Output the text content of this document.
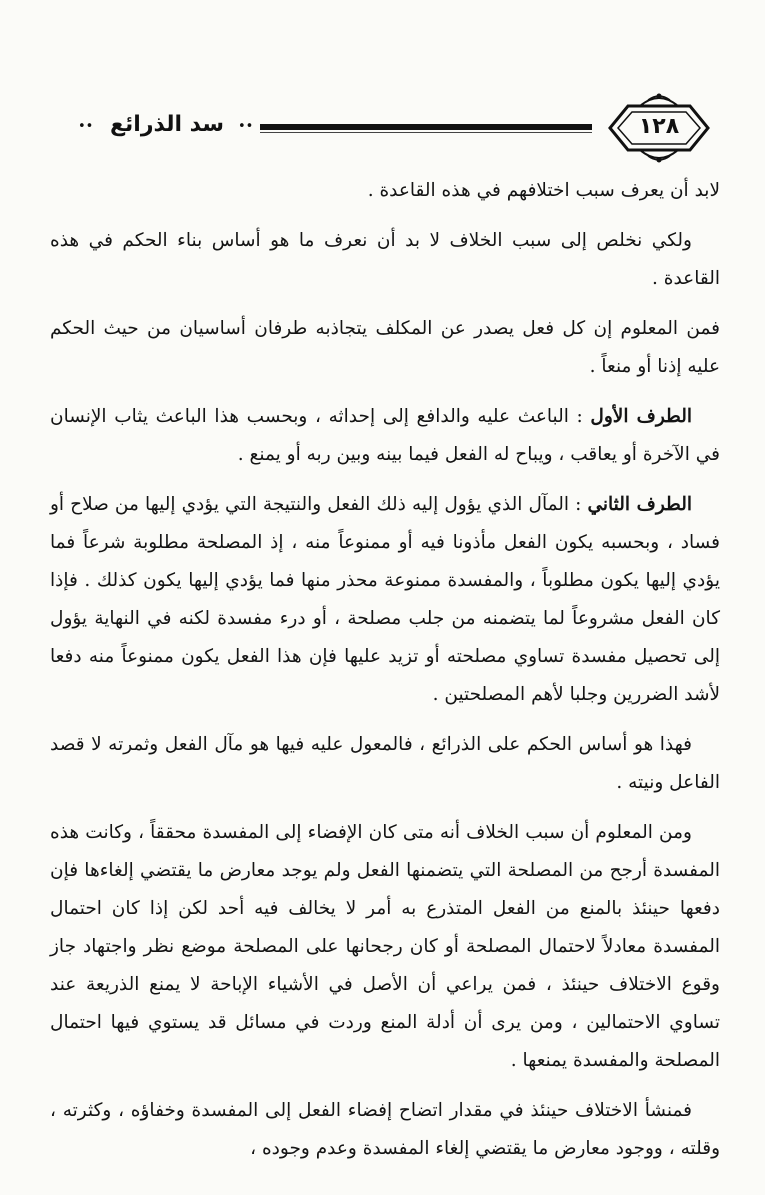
١٢٨
••
سد الذرائع
••

لابد أن يعرف سبب اختلافهم في هذه القاعدة .

ولكي نخلص إلى سبب الخلاف لا بد أن نعرف ما هو أساس بناء الحكم في هذه القاعدة .

فمن المعلوم إن كل فعل يصدر عن المكلف يتجاذبه طرفان أساسيان من حيث الحكم عليه إذنا أو منعاً .

الطرف الأول : الباعث عليه والدافع إلى إحداثه ، وبحسب هذا الباعث يثاب الإنسان في الآخرة أو يعاقب ، ويباح له الفعل فيما بينه وبين ربه أو يمنع .

الطرف الثاني : المآل الذي يؤول إليه ذلك الفعل والنتيجة التي يؤدي إليها من صلاح أو فساد ، وبحسبه يكون الفعل مأذونا فيه أو ممنوعاً منه ، إذ المصلحة مطلوبة شرعاً فما يؤدي إليها يكون مطلوباً ، والمفسدة ممنوعة محذر منها فما يؤدي إليها يكون كذلك . فإذا كان الفعل مشروعاً لما يتضمنه من جلب مصلحة ، أو درء مفسدة لكنه في النهاية يؤول إلى تحصيل مفسدة تساوي مصلحته أو تزيد عليها فإن هذا الفعل يكون ممنوعاً منه دفعا لأشد الضررين وجلبا لأهم المصلحتين .

فهذا هو أساس الحكم على الذرائع ، فالمعول عليه فيها هو مآل الفعل وثمرته لا قصد الفاعل ونيته .

ومن المعلوم أن سبب الخلاف أنه متى كان الإفضاء إلى المفسدة محققاً ، وكانت هذه المفسدة أرجح من المصلحة التي يتضمنها الفعل ولم يوجد معارض ما يقتضي إلغاءها فإن دفعها حينئذ بالمنع من الفعل المتذرع به أمر لا يخالف فيه أحد لكن إذا كان احتمال المفسدة معادلاً لاحتمال المصلحة أو كان رجحانها على المصلحة موضع نظر واجتهاد جاز وقوع الاختلاف حينئذ ، فمن يراعي أن الأصل في الأشياء الإباحة لا يمنع الذريعة عند تساوي الاحتمالين ، ومن يرى أن أدلة المنع وردت في مسائل قد يستوي فيها احتمال المصلحة والمفسدة يمنعها .

فمنشأ الاختلاف حينئذ في مقدار اتضاح إفضاء الفعل إلى المفسدة وخفاؤه ، وكثرته ، وقلته ، ووجود معارض ما يقتضي إلغاء المفسدة وعدم وجوده ،
